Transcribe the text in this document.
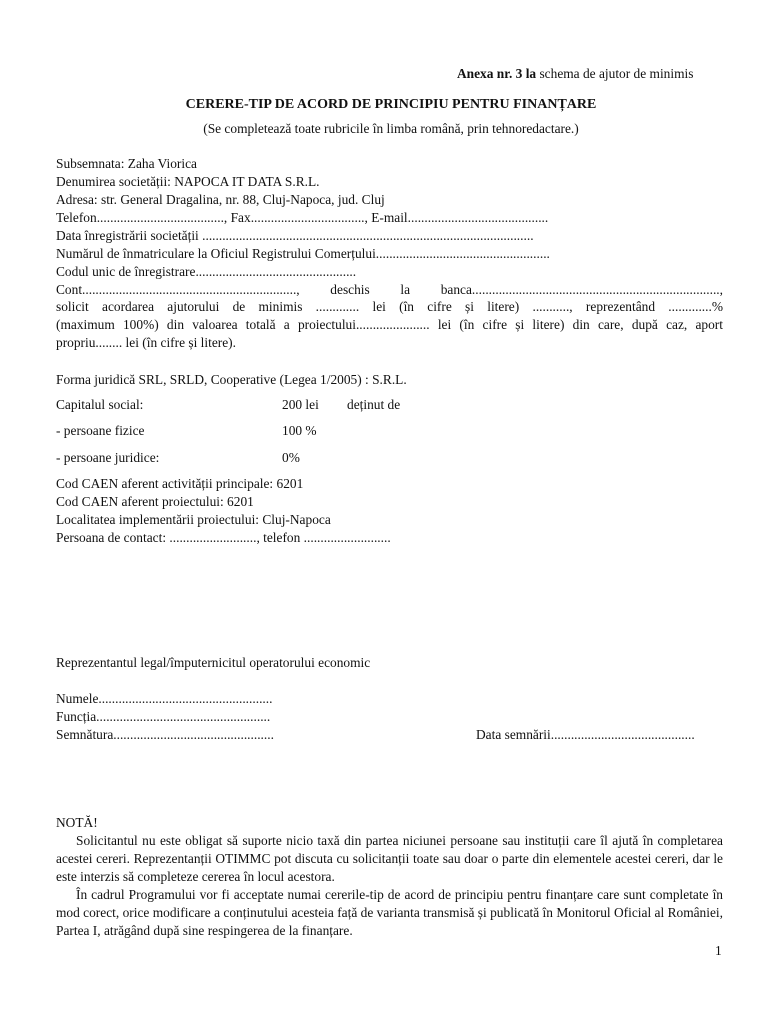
Anexa nr. 3 la schema de ajutor de minimis
CERERE-TIP DE ACORD DE PRINCIPIU PENTRU FINANȚARE
(Se completează toate rubricile în limba română, prin tehnoredactare.)
Subsemnata: Zaha Viorica
Denumirea societății: NAPOCA IT DATA S.R.L.
Adresa: str. General Dragalina, nr. 88, Cluj-Napoca, jud. Cluj
Telefon......................................, Fax.................................., E-mail..........................................
Data înregistrării societății ...................................................................................................
Numărul de înmatriculare la Oficiul Registrului Comerțului....................................................
Codul unic de înregistrare................................................
Cont................................................................, deschis la banca..........................................................................,
solicit acordarea ajutorului de minimis ............. lei (în cifre și litere) ..........., reprezentând .............%
(maximum 100%) din valoarea totală a proiectului...................... lei (în cifre și litere) din care, după caz, aport
propriu........ lei (în cifre și litere).
Forma juridică SRL, SRLD, Cooperative (Legea 1/2005) : S.R.L.
Capitalul social:	200 lei deținut de
- persoane fizice	100 %
- persoane juridice:	0%
Cod CAEN aferent activității principale: 6201
Cod CAEN aferent proiectului: 6201
Localitatea implementării proiectului: Cluj-Napoca
Persoana de contact: .........................., telefon ..........................
Reprezentantul legal/împuternicitul operatorului economic
Numele....................................................
Funcția....................................................
Semnătura................................................	Data semnării...........................................
NOTĂ!
Solicitantul nu este obligat să suporte nicio taxă din partea niciunei persoane sau instituții care îl ajută în completarea acestei cereri. Reprezentanții OTIMMC pot discuta cu solicitanții toate sau doar o parte din elementele acestei cereri, dar le este interzis să completeze cererea în locul acestora.
În cadrul Programului vor fi acceptate numai cererile-tip de acord de principiu pentru finanțare care sunt completate în mod corect, orice modificare a conținutului acesteia față de varianta transmisă și publicată în Monitorul Oficial al României, Partea I, atrăgând după sine respingerea de la finanțare.
1
